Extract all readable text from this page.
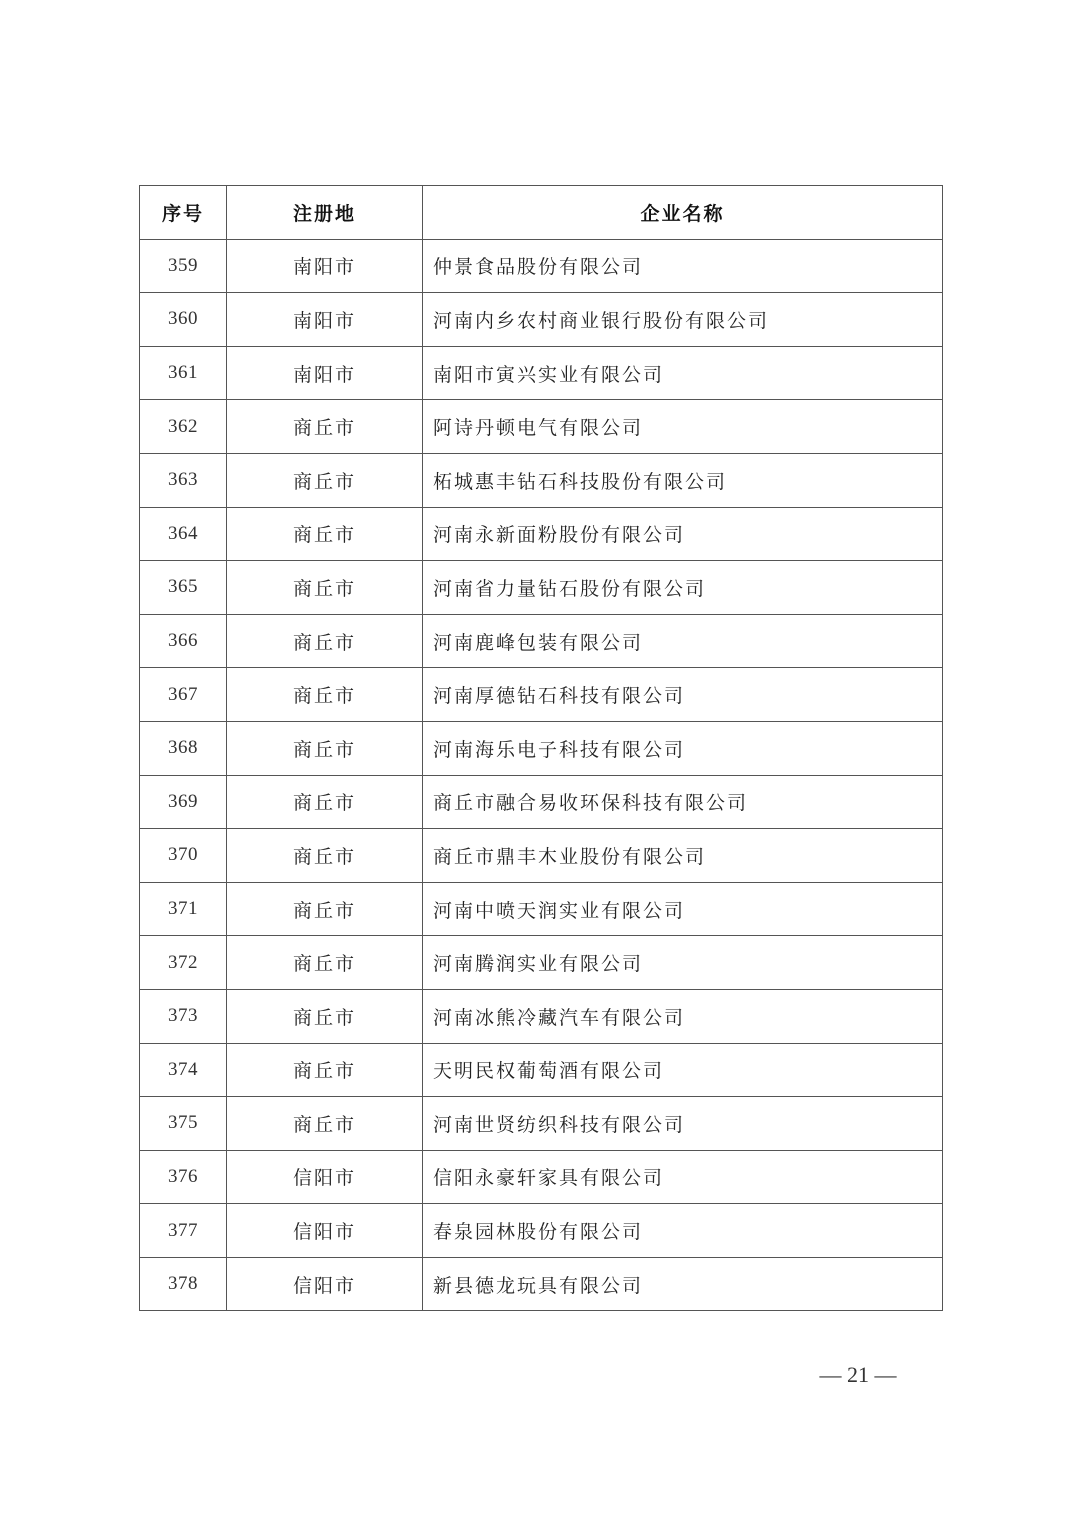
序号	注册地	企业名称
359	南阳市	仲景食品股份有限公司
360	南阳市	河南内乡农村商业银行股份有限公司
361	南阳市	南阳市寅兴实业有限公司
362	商丘市	阿诗丹顿电气有限公司
363	商丘市	柘城惠丰钻石科技股份有限公司
364	商丘市	河南永新面粉股份有限公司
365	商丘市	河南省力量钻石股份有限公司
366	商丘市	河南鹿峰包装有限公司
367	商丘市	河南厚德钻石科技有限公司
368	商丘市	河南海乐电子科技有限公司
369	商丘市	商丘市融合易收环保科技有限公司
370	商丘市	商丘市鼎丰木业股份有限公司
371	商丘市	河南中喷天润实业有限公司
372	商丘市	河南腾润实业有限公司
373	商丘市	河南冰熊冷藏汽车有限公司
374	商丘市	天明民权葡萄酒有限公司
375	商丘市	河南世贤纺织科技有限公司
376	信阳市	信阳永豪轩家具有限公司
377	信阳市	春泉园林股份有限公司
378	信阳市	新县德龙玩具有限公司
— 21 —
